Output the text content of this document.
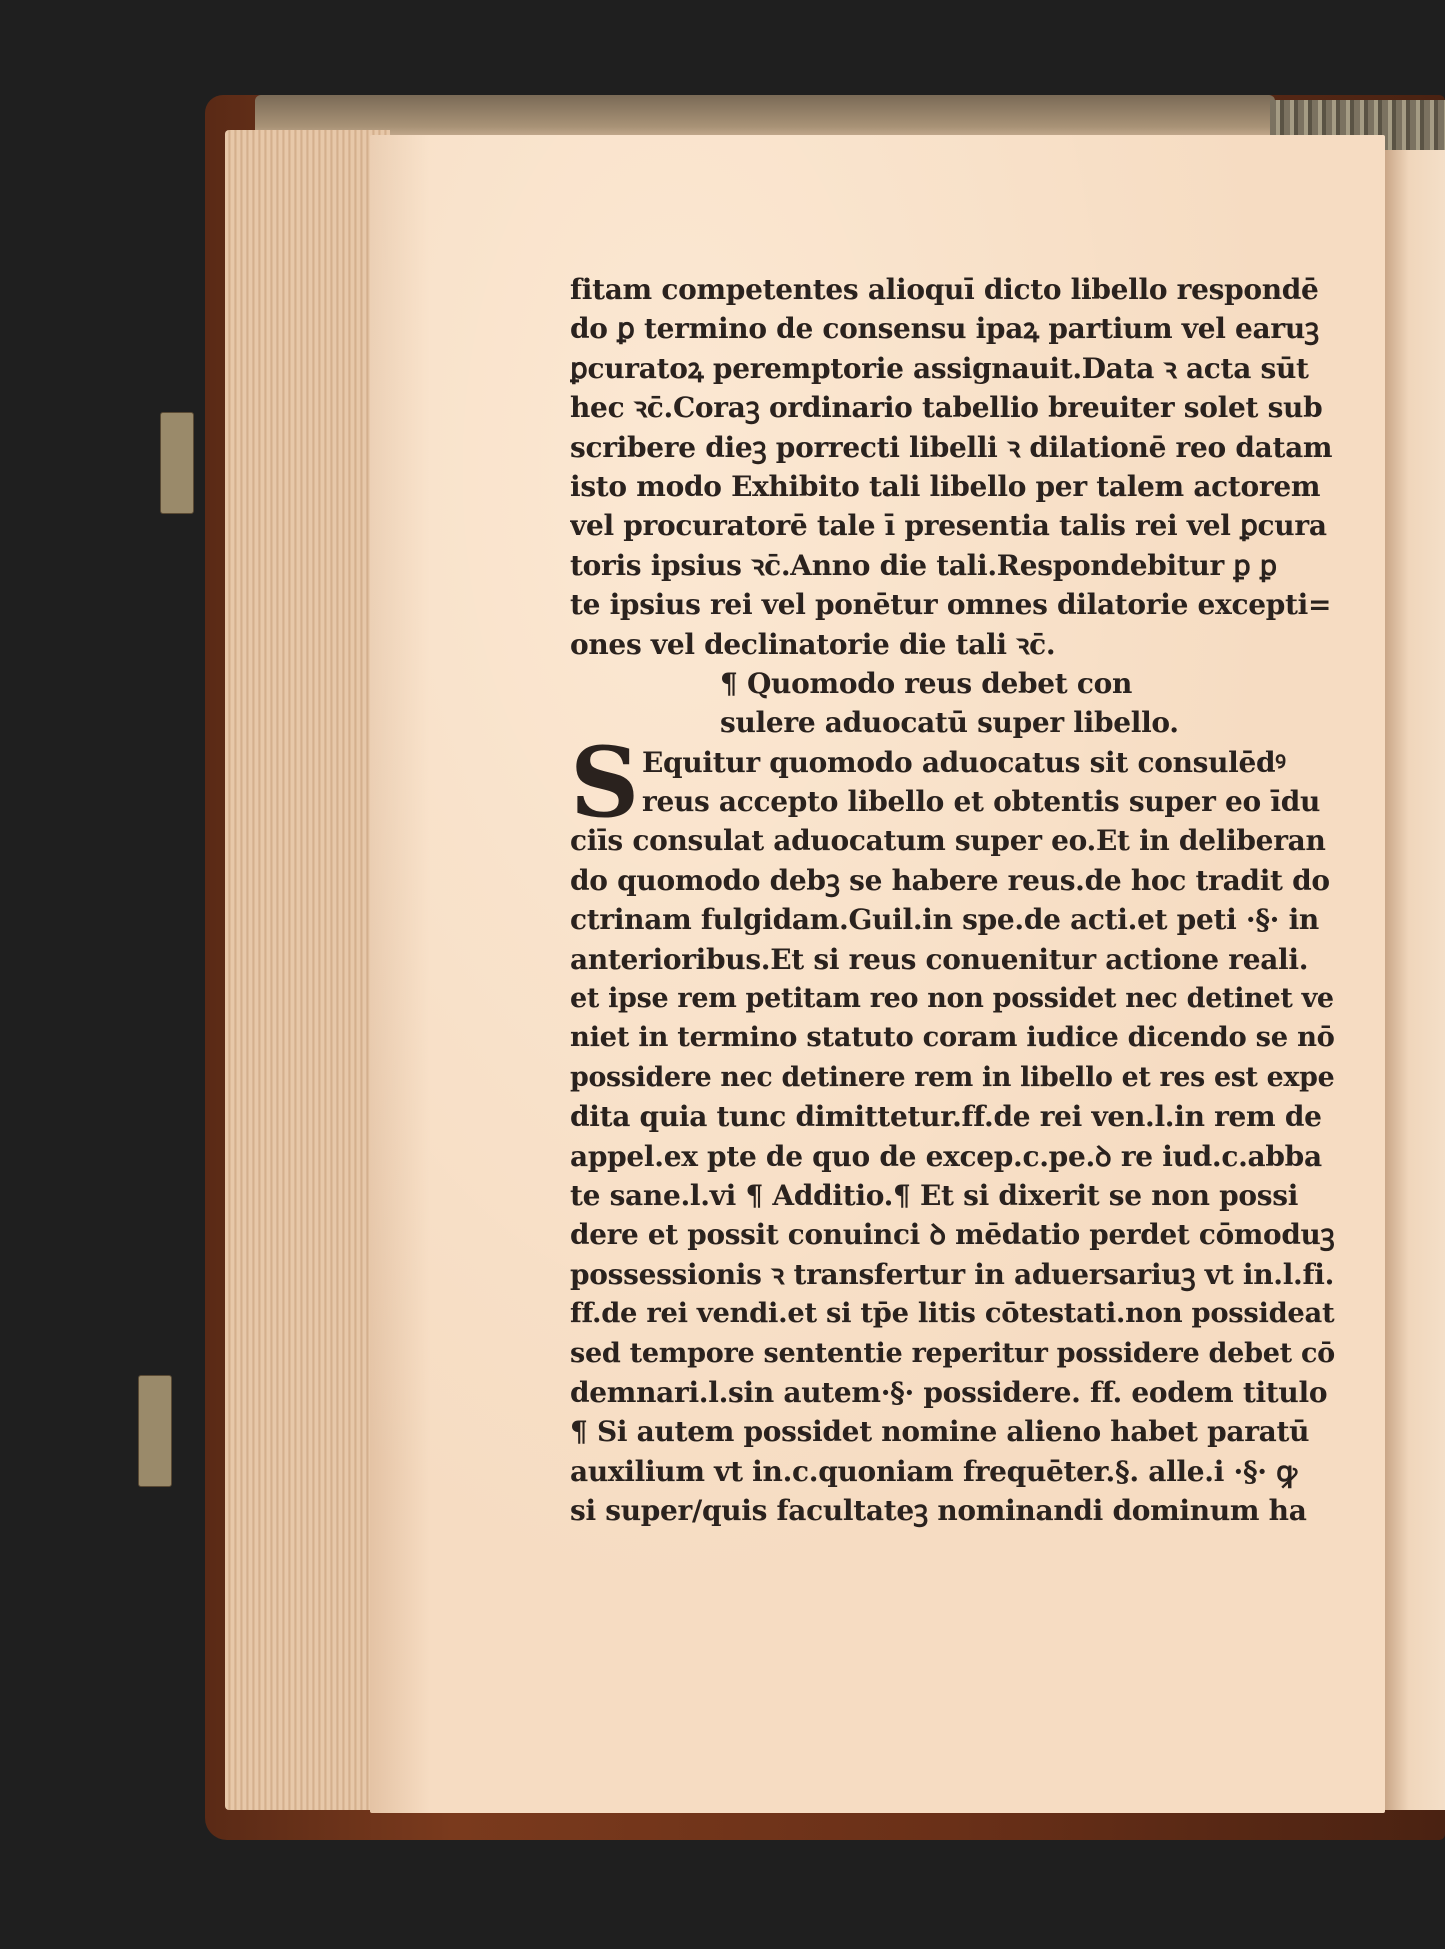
fitam competentes alioquī dicto libello respondē
do ꝑ termino de consensu ipaꝝ partium vel earuꝫ
ꝑcuratoꝝ peremptorie assignauit.Data ꝛ acta sūt
hec ꝛc̄.Coraꝫ ordinario tabellio breuiter solet sub
scribere dieꝫ porrecti libelli ꝛ dilationē reo datam
isto modo Exhibito tali libello per talem actorem
vel procuratorē tale ī presentia talis rei vel ꝑcura
toris ipsius ꝛc̄.Anno die tali.Respondebitur ꝑ ꝑ
te ipsius rei vel ponētur omnes dilatorie excepti=
ones vel declinatorie die tali ꝛc̄.
¶ Quomodo reus debet con
sulere aduocatū super libello.
Equitur quomodo aduocatus sit consulēdꝰ
reus accepto libello et obtentis super eo īdu
ciīs consulat aduocatum super eo.Et in deliberan
do quomodo debꝫ se habere reus.de hoc tradit do
ctrinam fulgidam.Guil.in spe.de acti.et peti ·§· in
anterioribus.Et si reus conuenitur actione reali.
et ipse rem petitam reo non possidet nec detinet ve
niet in termino statuto coram iudice dicendo se nō
possidere nec detinere rem in libello et res est expe
dita quia tunc dimittetur.ff.de rei ven.l.in rem de
appel.ex pte de quo de excep.c.pe.ꝺ re iud.c.abba
te sane.l.vi ¶ Additio.¶ Et si dixerit se non possi
dere et possit conuinci ꝺ mēdatio perdet cōmoduꝫ
possessionis ꝛ transfertur in aduersariuꝫ vt in.l.fi.
ff.de rei vendi.et si tp̄e litis cōtestati.non possideat
sed tempore sententie reperitur possidere debet cō
demnari.l.sin autem·§· possidere. ff. eodem titulo
¶ Si autem possidet nomine alieno habet paratū
auxilium vt in.c.quoniam frequēter.§. alle.i ·§· ꝙ
si super/quis facultateꝫ nominandi dominum ha
S
